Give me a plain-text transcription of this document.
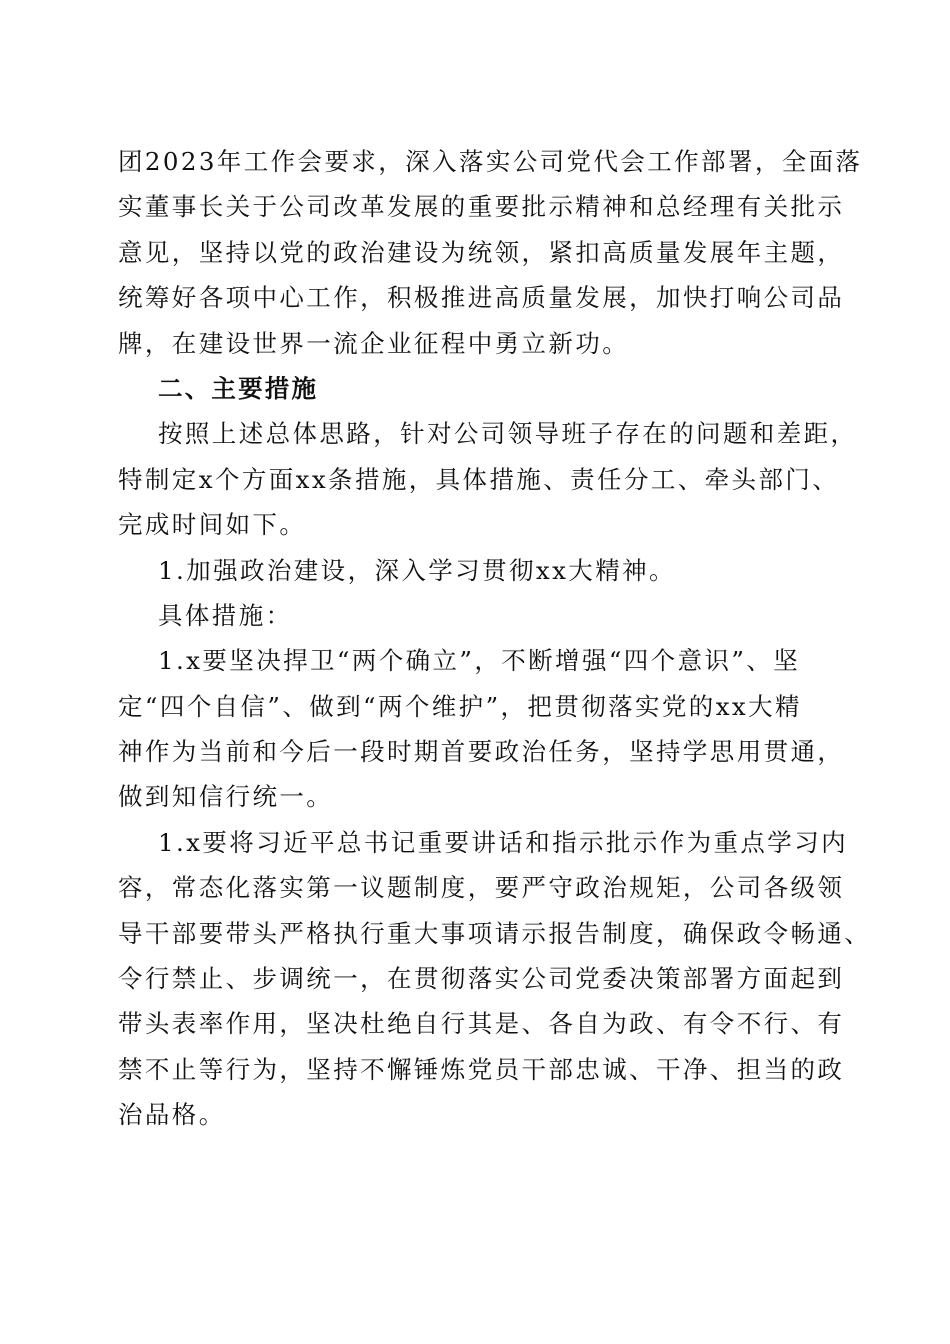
团2023年工作会要求，深入落实公司党代会工作部署，全面落
实董事长关于公司改革发展的重要批示精神和总经理有关批示
意见，坚持以党的政治建设为统领，紧扣高质量发展年主题，
统筹好各项中心工作，积极推进高质量发展，加快打响公司品
牌，在建设世界一流企业征程中勇立新功。
二、主要措施
按照上述总体思路，针对公司领导班子存在的问题和差距，
特制定x个方面xx条措施，具体措施、责任分工、牵头部门、
完成时间如下。
1.加强政治建设，深入学习贯彻xx大精神。
具体措施：
1.x要坚决捍卫“两个确立”，不断增强“四个意识”、坚
定“四个自信”、做到“两个维护”，把贯彻落实党的xx大精
神作为当前和今后一段时期首要政治任务，坚持学思用贯通，
做到知信行统一。
1.x要将习近平总书记重要讲话和指示批示作为重点学习内
容，常态化落实第一议题制度，要严守政治规矩，公司各级领
导干部要带头严格执行重大事项请示报告制度，确保政令畅通、
令行禁止、步调统一，在贯彻落实公司党委决策部署方面起到
带头表率作用，坚决杜绝自行其是、各自为政、有令不行、有
禁不止等行为，坚持不懈锤炼党员干部忠诚、干净、担当的政
治品格。
